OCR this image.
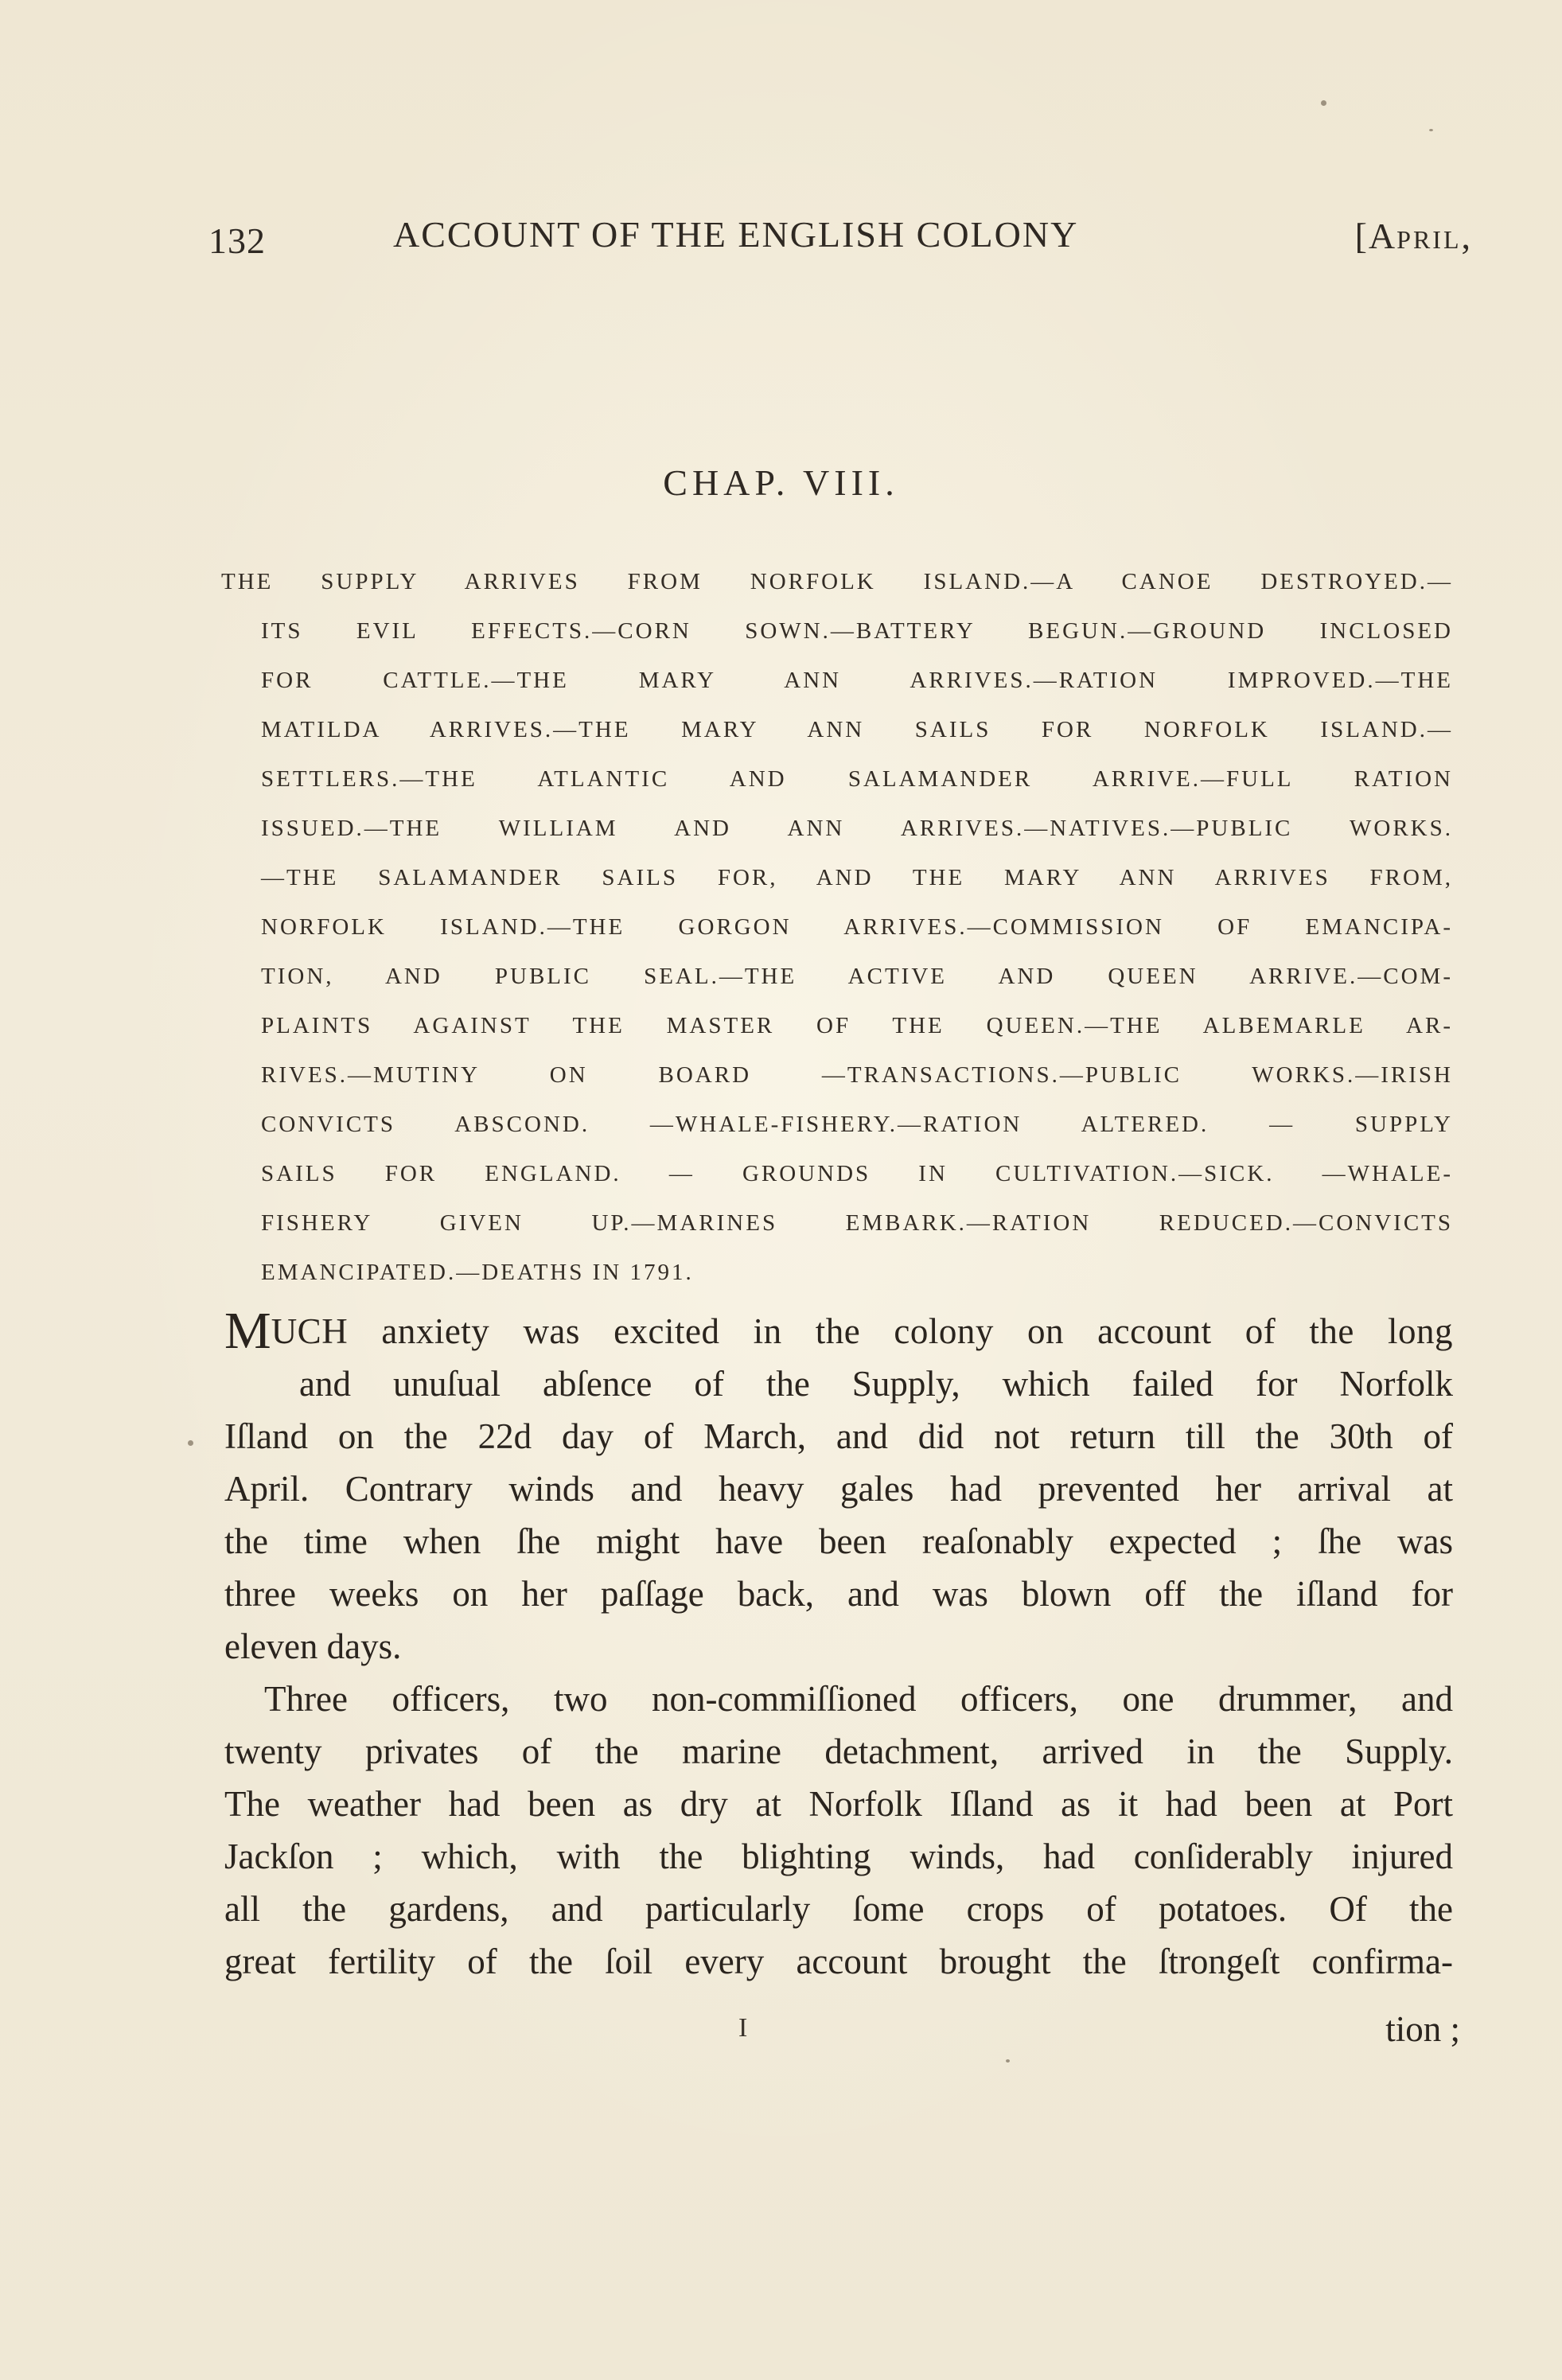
132	ACCOUNT OF THE ENGLISH COLONY	[APRIL,
CHAP. VIII.
THE SUPPLY ARRIVES FROM NORFOLK ISLAND.—A CANOE DESTROYED.—
ITS EVIL EFFECTS.—CORN SOWN.—BATTERY BEGUN.—GROUND INCLOSED
FOR CATTLE.—THE MARY ANN ARRIVES.—RATION IMPROVED.—THE
MATILDA ARRIVES.—THE MARY ANN SAILS FOR NORFOLK ISLAND.—
SETTLERS.—THE ATLANTIC AND SALAMANDER ARRIVE.—FULL RATION
ISSUED.—THE WILLIAM AND ANN ARRIVES.—NATIVES.—PUBLIC WORKS.
—THE SALAMANDER SAILS FOR, AND THE MARY ANN ARRIVES FROM,
NORFOLK ISLAND.—THE GORGON ARRIVES.—COMMISSION OF EMANCIPA-
TION, AND PUBLIC SEAL.—THE ACTIVE AND QUEEN ARRIVE.—COM-
PLAINTS AGAINST THE MASTER OF THE QUEEN.—THE ALBEMARLE AR-
RIVES.—MUTINY ON BOARD —TRANSACTIONS.—PUBLIC WORKS.—IRISH
CONVICTS ABSCOND. —WHALE-FISHERY.—RATION ALTERED. — SUPPLY
SAILS FOR ENGLAND. — GROUNDS IN CULTIVATION.—SICK. —WHALE-
FISHERY GIVEN UP.—MARINES EMBARK.—RATION REDUCED.—CONVICTS
EMANCIPATED.—DEATHS IN 1791.
MUCH anxiety was excited in the colony on account of the long
and unuſual abſence of the Supply, which failed for Norfolk
Iſland on the 22d day of March, and did not return till the 30th of
April. Contrary winds and heavy gales had prevented her arrival at
the time when ſhe might have been reaſonably expected ; ſhe was
three weeks on her paſſage back, and was blown off the iſland for
eleven days.
Three officers, two non-commiſſioned officers, one drummer, and
twenty privates of the marine detachment, arrived in the Supply.
The weather had been as dry at Norfolk Iſland as it had been at Port
Jackſon ; which, with the blighting winds, had conſiderably injured
all the gardens, and particularly ſome crops of potatoes. Of the
great fertility of the ſoil every account brought the ſtrongeſt confirma-
I	tion ;
